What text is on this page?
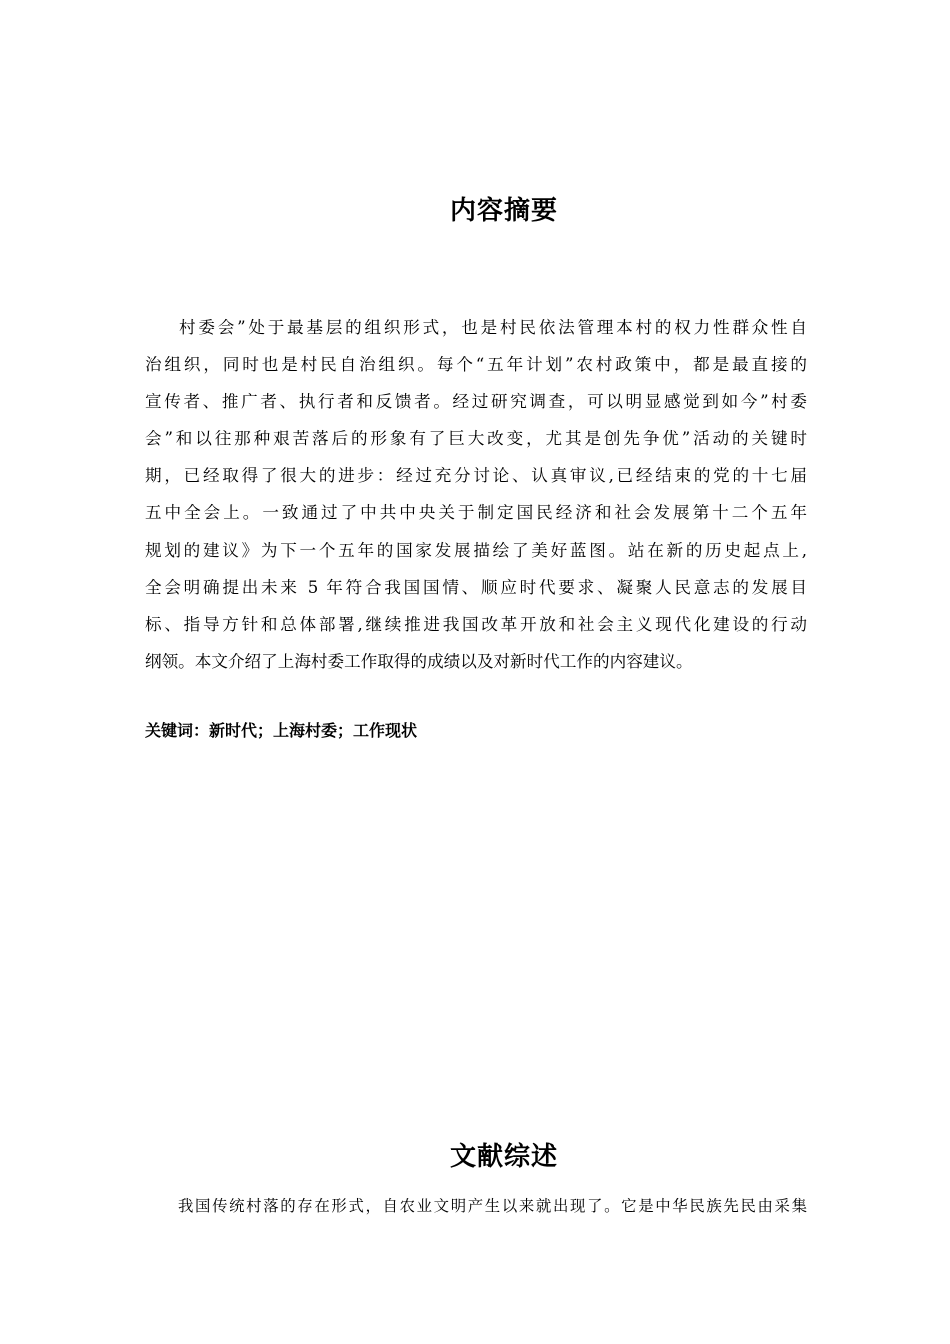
内容摘要
村委会”处于最基层的组织形式，也是村民依法管理本村的权力性群众性自
治组织，同时也是村民自治组织。每个“五年计划”农村政策中，都是最直接的
宣传者、推广者、执行者和反馈者。经过研究调查，可以明显感觉到如今”村委
会”和以往那种艰苦落后的形象有了巨大改变，尤其是创先争优”活动的关键时
期，已经取得了很大的进步：经过充分讨论、认真审议,已经结束的党的十七届
五中全会上。一致通过了中共中央关于制定国民经济和社会发展第十二个五年
规划的建议》为下一个五年的国家发展描绘了美好蓝图。站在新的历史起点上,
全会明确提出未来 5 年符合我国国情、顺应时代要求、凝聚人民意志的发展目
标、指导方针和总体部署,继续推进我国改革开放和社会主义现代化建设的行动
纲领。本文介绍了上海村委工作取得的成绩以及对新时代工作的内容建议。

关键词：新时代；上海村委；工作现状

文献综述
我国传统村落的存在形式，自农业文明产生以来就出现了。它是中华民族先民由采集
